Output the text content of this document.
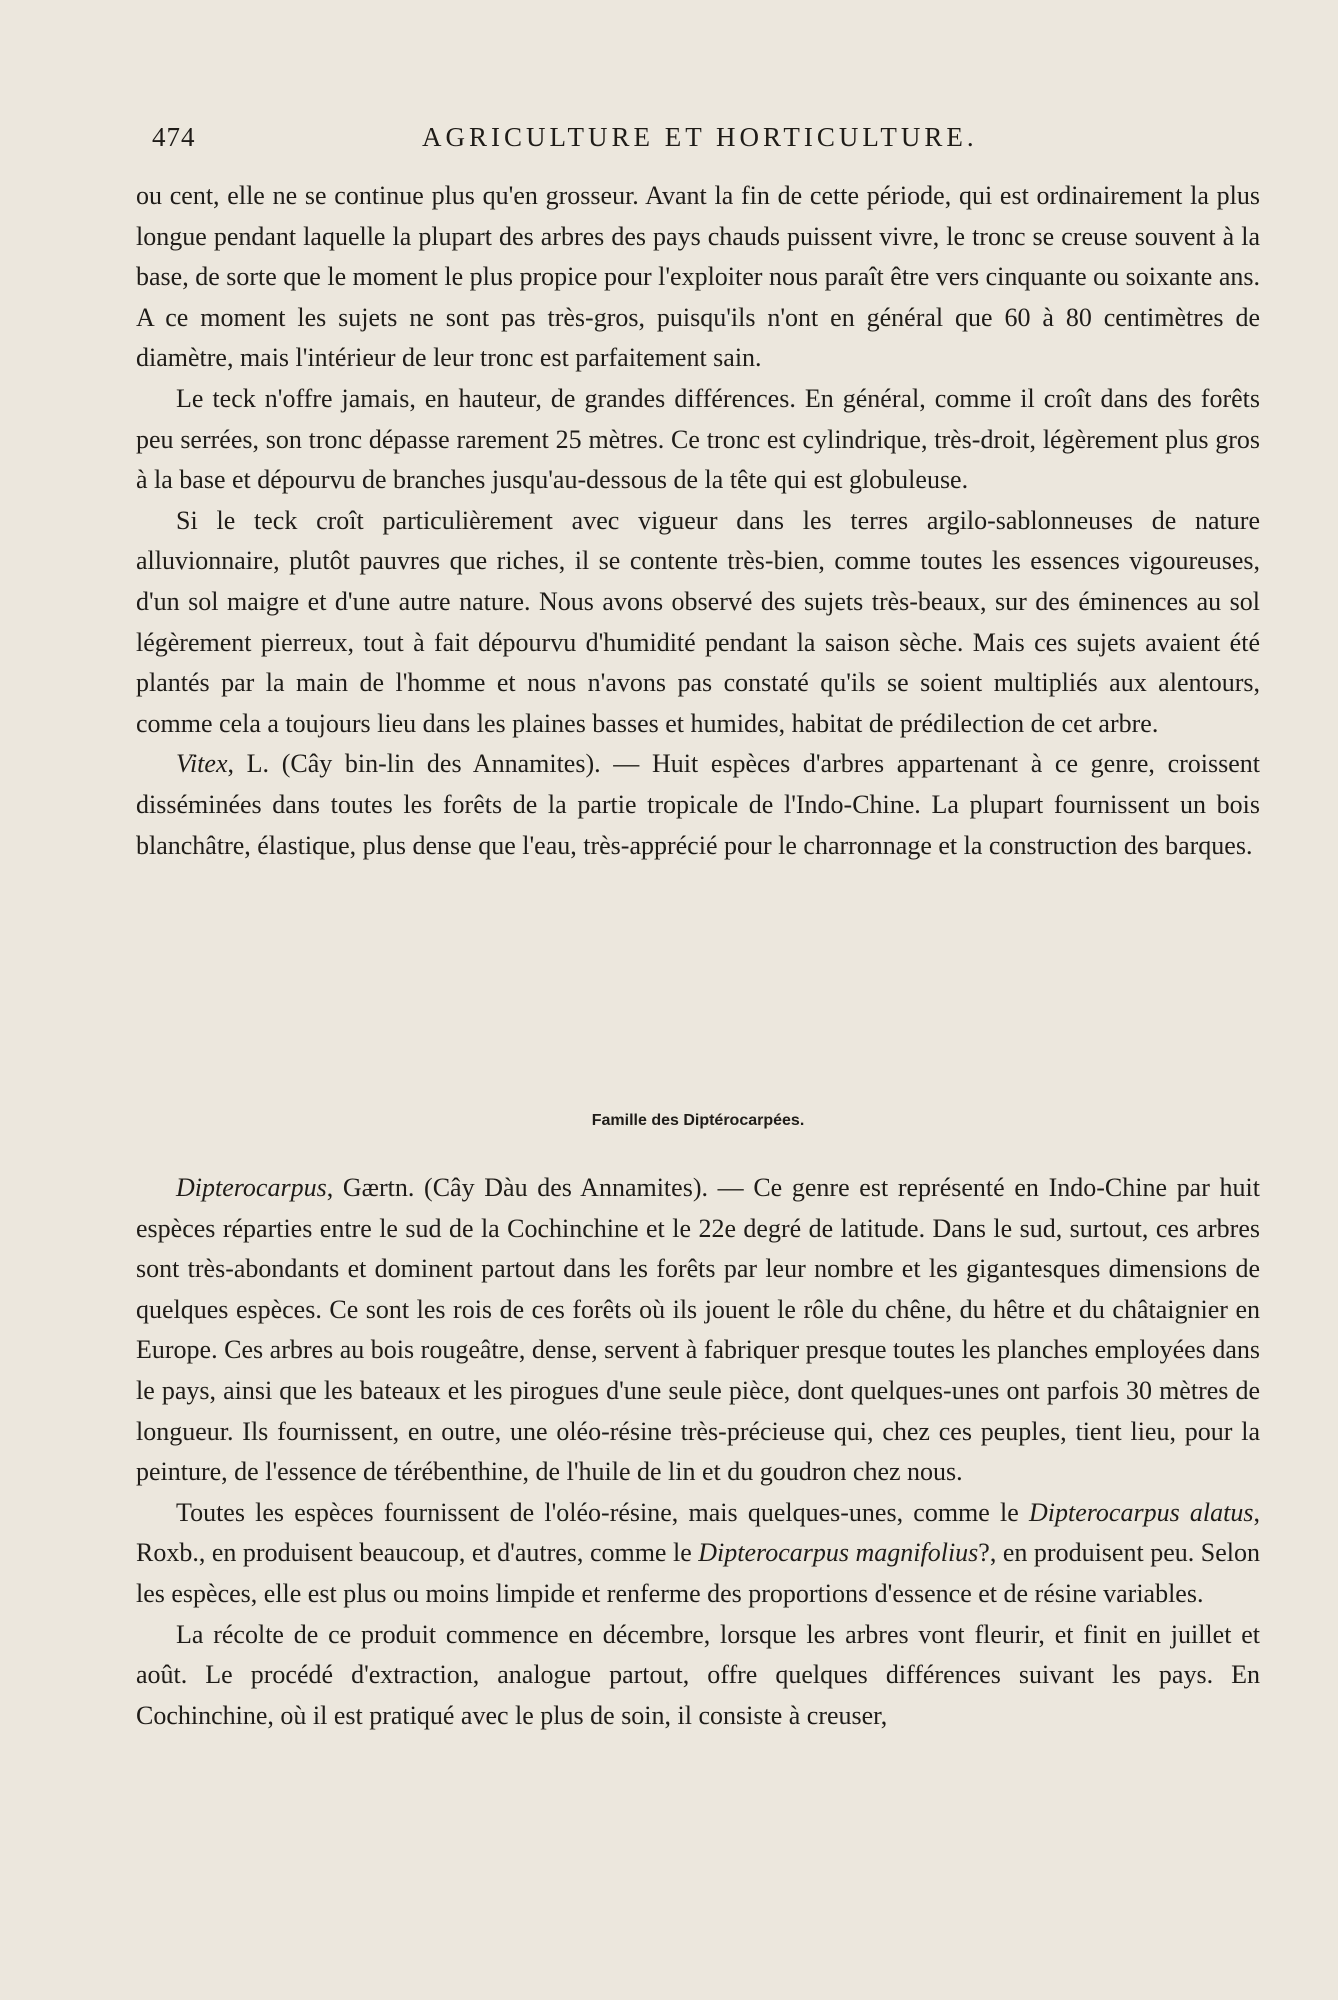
474	AGRICULTURE ET HORTICULTURE.

ou cent, elle ne se continue plus qu'en grosseur. Avant la fin de cette période, qui est ordinairement la plus longue pendant laquelle la plupart des arbres des pays chauds puissent vivre, le tronc se creuse souvent à la base, de sorte que le moment le plus propice pour l'exploiter nous paraît être vers cinquante ou soixante ans. A ce moment les sujets ne sont pas très-gros, puisqu'ils n'ont en général que 60 à 80 centimètres de diamètre, mais l'intérieur de leur tronc est parfaitement sain.

Le teck n'offre jamais, en hauteur, de grandes différences. En général, comme il croît dans des forêts peu serrées, son tronc dépasse rarement 25 mètres. Ce tronc est cylindrique, très-droit, légèrement plus gros à la base et dépourvu de branches jusqu'au-dessous de la tête qui est globuleuse.

Si le teck croît particulièrement avec vigueur dans les terres argilo-sablonneuses de nature alluvionnaire, plutôt pauvres que riches, il se contente très-bien, comme toutes les essences vigoureuses, d'un sol maigre et d'une autre nature. Nous avons observé des sujets très-beaux, sur des éminences au sol légèrement pierreux, tout à fait dépourvu d'humidité pendant la saison sèche. Mais ces sujets avaient été plantés par la main de l'homme et nous n'avons pas constaté qu'ils se soient multipliés aux alentours, comme cela a toujours lieu dans les plaines basses et humides, habitat de prédilection de cet arbre.

Vitex, L. (Cây bin-lin des Annamites). — Huit espèces d'arbres appartenant à ce genre, croissent disséminées dans toutes les forêts de la partie tropicale de l'Indo-Chine. La plupart fournissent un bois blanchâtre, élastique, plus dense que l'eau, très-apprécié pour le charronnage et la construction des barques.

Famille des Diptérocarpées.

Dipterocarpus, Gærtn. (Cây Dàu des Annamites). — Ce genre est représenté en Indo-Chine par huit espèces réparties entre le sud de la Cochinchine et le 22e degré de latitude. Dans le sud, surtout, ces arbres sont très-abondants et dominent partout dans les forêts par leur nombre et les gigantesques dimensions de quelques espèces. Ce sont les rois de ces forêts où ils jouent le rôle du chêne, du hêtre et du châtaignier en Europe. Ces arbres au bois rougeâtre, dense, servent à fabriquer presque toutes les planches employées dans le pays, ainsi que les bateaux et les pirogues d'une seule pièce, dont quelques-unes ont parfois 30 mètres de longueur. Ils fournissent, en outre, une oléo-résine très-précieuse qui, chez ces peuples, tient lieu, pour la peinture, de l'essence de térébenthine, de l'huile de lin et du goudron chez nous.

Toutes les espèces fournissent de l'oléo-résine, mais quelques-unes, comme le Dipterocarpus alatus, Roxb., en produisent beaucoup, et d'autres, comme le Dipterocarpus magnifolius?, en produisent peu. Selon les espèces, elle est plus ou moins limpide et renferme des proportions d'essence et de résine variables.

La récolte de ce produit commence en décembre, lorsque les arbres vont fleurir, et finit en juillet et août. Le procédé d'extraction, analogue partout, offre quelques différences suivant les pays. En Cochinchine, où il est pratiqué avec le plus de soin, il consiste à creuser,
